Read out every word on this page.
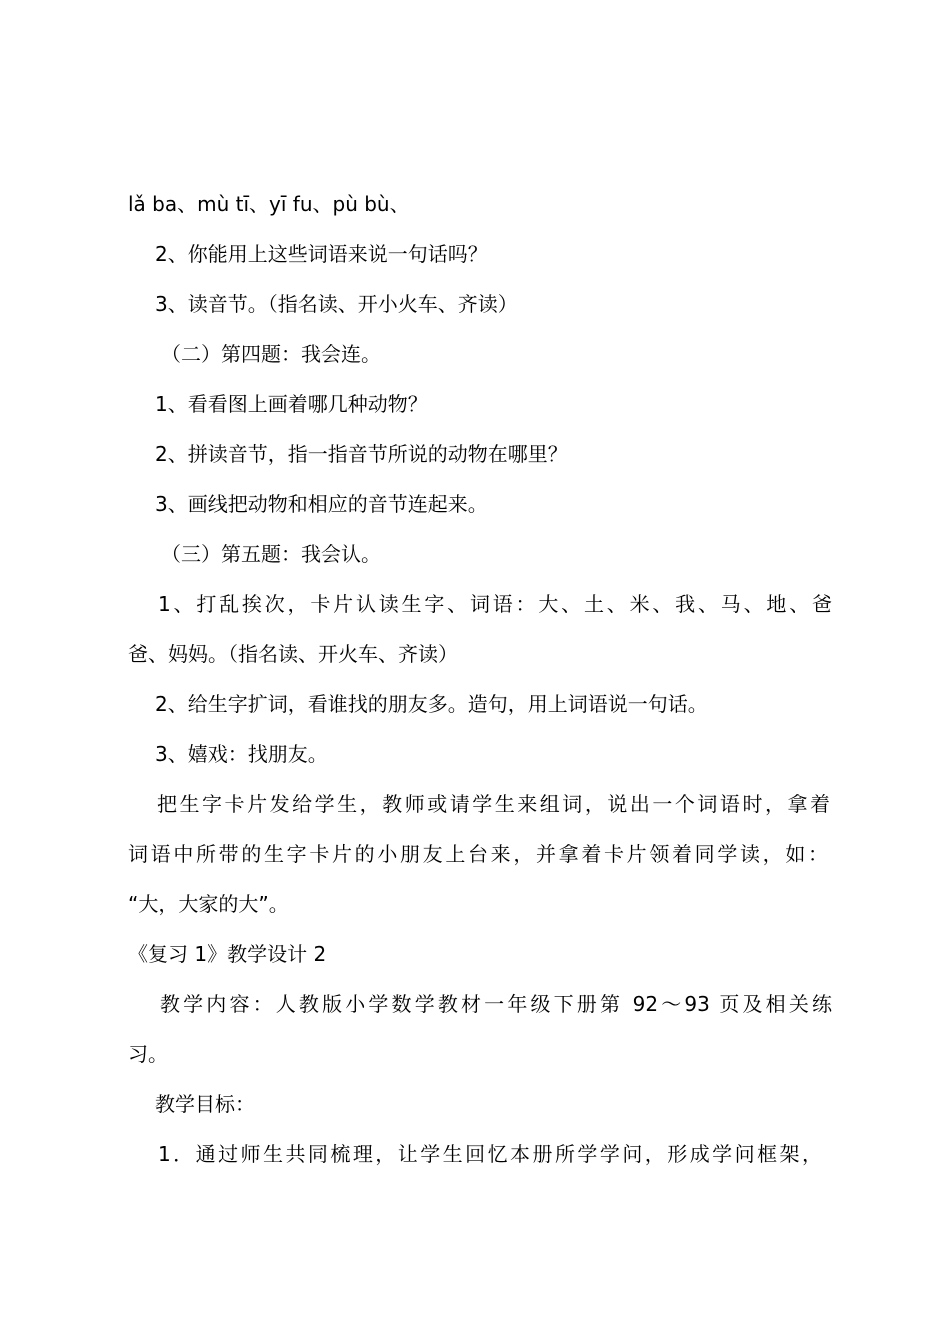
lǎ ba、mù tī、yī fu、pù bù、
2、你能用上这些词语来说一句话吗？
3、读音节。（指名读、开小火车、齐读）
（二）第四题：我会连。
1、看看图上画着哪几种动物？
2、拼读音节，指一指音节所说的动物在哪里？
3、画线把动物和相应的音节连起来。
（三）第五题：我会认。
1、打乱挨次，卡片认读生字、词语：大、土、米、我、马、地、爸
爸、妈妈。（指名读、开火车、齐读）
2、给生字扩词，看谁找的朋友多。造句，用上词语说一句话。
3、嬉戏：找朋友。
把生字卡片发给学生，教师或请学生来组词，说出一个词语时，拿着
词语中所带的生字卡片的小朋友上台来，并拿着卡片领着同学读，如：
“大，大家的大”。
《复习 1》教学设计 2
教学内容：人教版小学数学教材一年级下册第 92～93 页及相关练
习。
教学目标：
1．通过师生共同梳理，让学生回忆本册所学学问，形成学问框架，
